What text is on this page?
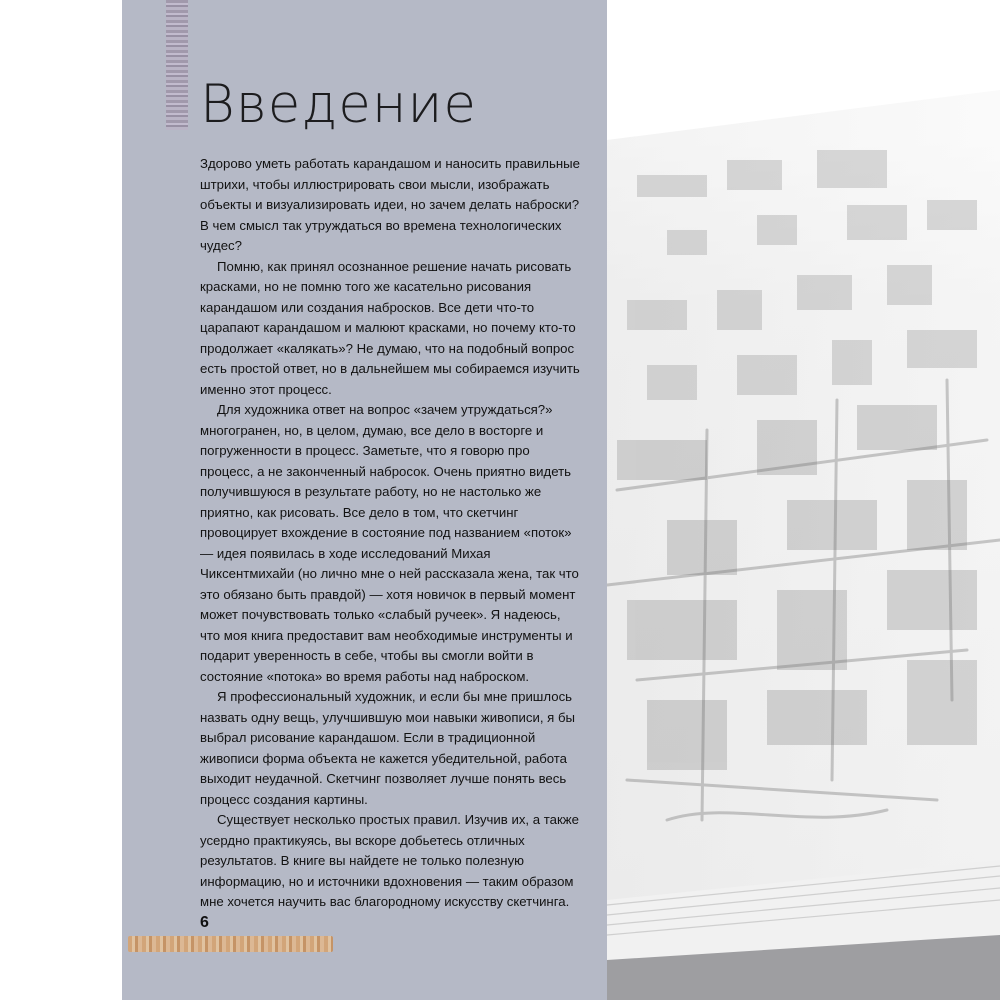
Введение

Здорово уметь работать карандашом и наносить правильные штрихи, чтобы иллюстрировать свои мысли, изображать объекты и визуализировать идеи, но зачем делать наброски? В чем смысл так утруждаться во времена технологических чудес?

Помню, как принял осознанное решение начать рисовать красками, но не помню того же касательно рисования карандашом или создания набросков. Все дети что-то царапают карандашом и малюют красками, но почему кто-то продолжает «калякать»? Не думаю, что на подобный вопрос есть простой ответ, но в дальнейшем мы собираемся изучить именно этот процесс.

Для художника ответ на вопрос «зачем утруждаться?» многогранен, но, в целом, думаю, все дело в восторге и погруженности в процесс. Заметьте, что я говорю про процесс, а не законченный набросок. Очень приятно видеть получившуюся в результате работу, но не настолько же приятно, как рисовать. Все дело в том, что скетчинг провоцирует вхождение в состояние под названием «поток» — идея появилась в ходе исследований Михая Чиксентмихайи (но лично мне о ней рассказала жена, так что это обязано быть правдой) — хотя новичок в первый момент может почувствовать только «слабый ручеек». Я надеюсь, что моя книга предоставит вам необходимые инструменты и подарит уверенность в себе, чтобы вы смогли войти в состояние «потока» во время работы над наброском.

Я профессиональный художник, и если бы мне пришлось назвать одну вещь, улучшившую мои навыки живописи, я бы выбрал рисование карандашом. Если в традиционной живописи форма объекта не кажется убедительной, работа выходит неудачной. Скетчинг позволяет лучше понять весь процесс создания картины.

Существует несколько простых правил. Изучив их, а также усердно практикуясь, вы вскоре добьетесь отличных результатов. В книге вы найдете не только полезную информацию, но и источники вдохновения — таким образом мне хочется научить вас благородному искусству скетчинга.

6
